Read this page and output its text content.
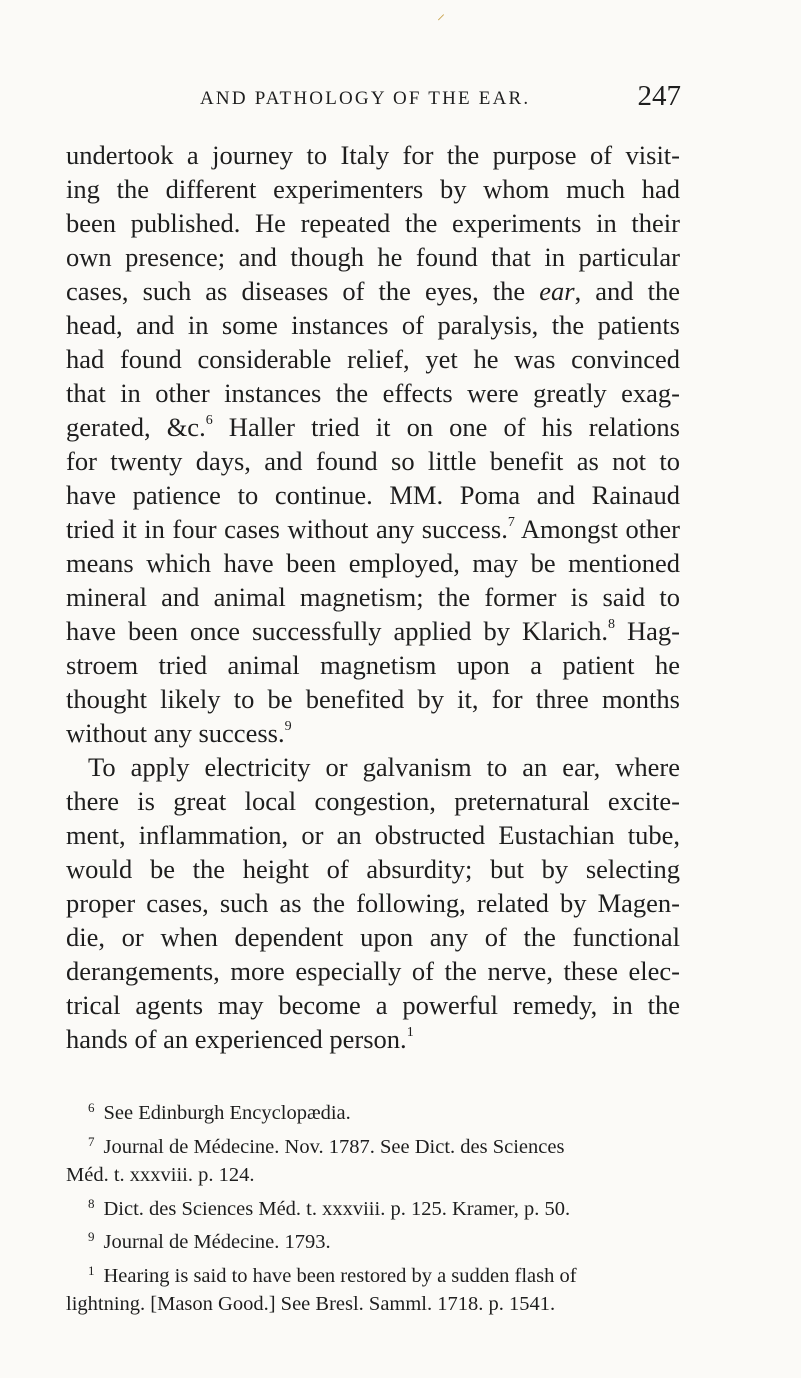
⸝
AND PATHOLOGY OF THE EAR.	247

undertook a journey to Italy for the purpose of visit-
ing the different experimenters by whom much had
been published. He repeated the experiments in their
own presence; and though he found that in particular
cases, such as diseases of the eyes, the ear, and the
head, and in some instances of paralysis, the patients
had found considerable relief, yet he was convinced
that in other instances the effects were greatly exag-
gerated, &c.$^6$ Haller tried it on one of his relations
for twenty days, and found so little benefit as not to
have patience to continue. MM. Poma and Rainaud
tried it in four cases without any success.$^7$ Amongst other
means which have been employed, may be mentioned
mineral and animal magnetism; the former is said to
have been once successfully applied by Klarich.$^8$ Hag-
stroem tried animal magnetism upon a patient he
thought likely to be benefited by it, for three months
without any success.$^9$

To apply electricity or galvanism to an ear, where
there is great local congestion, preternatural excite-
ment, inflammation, or an obstructed Eustachian tube,
would be the height of absurdity; but by selecting
proper cases, such as the following, related by Magen-
die, or when dependent upon any of the functional
derangements, more especially of the nerve, these elec-
trical agents may become a powerful remedy, in the
hands of an experienced person.$^1$

$^6$ See Edinburgh Encyclopædia.
$^7$ Journal de Médecine. Nov. 1787. See Dict. des Sciences
Méd. t. xxxviii. p. 124.
$^8$ Dict. des Sciences Méd. t. xxxviii. p. 125. Kramer, p. 50.
$^9$ Journal de Médecine. 1793.
$^1$ Hearing is said to have been restored by a sudden flash of
lightning. [Mason Good.] See Bresl. Samml. 1718. p. 1541.
